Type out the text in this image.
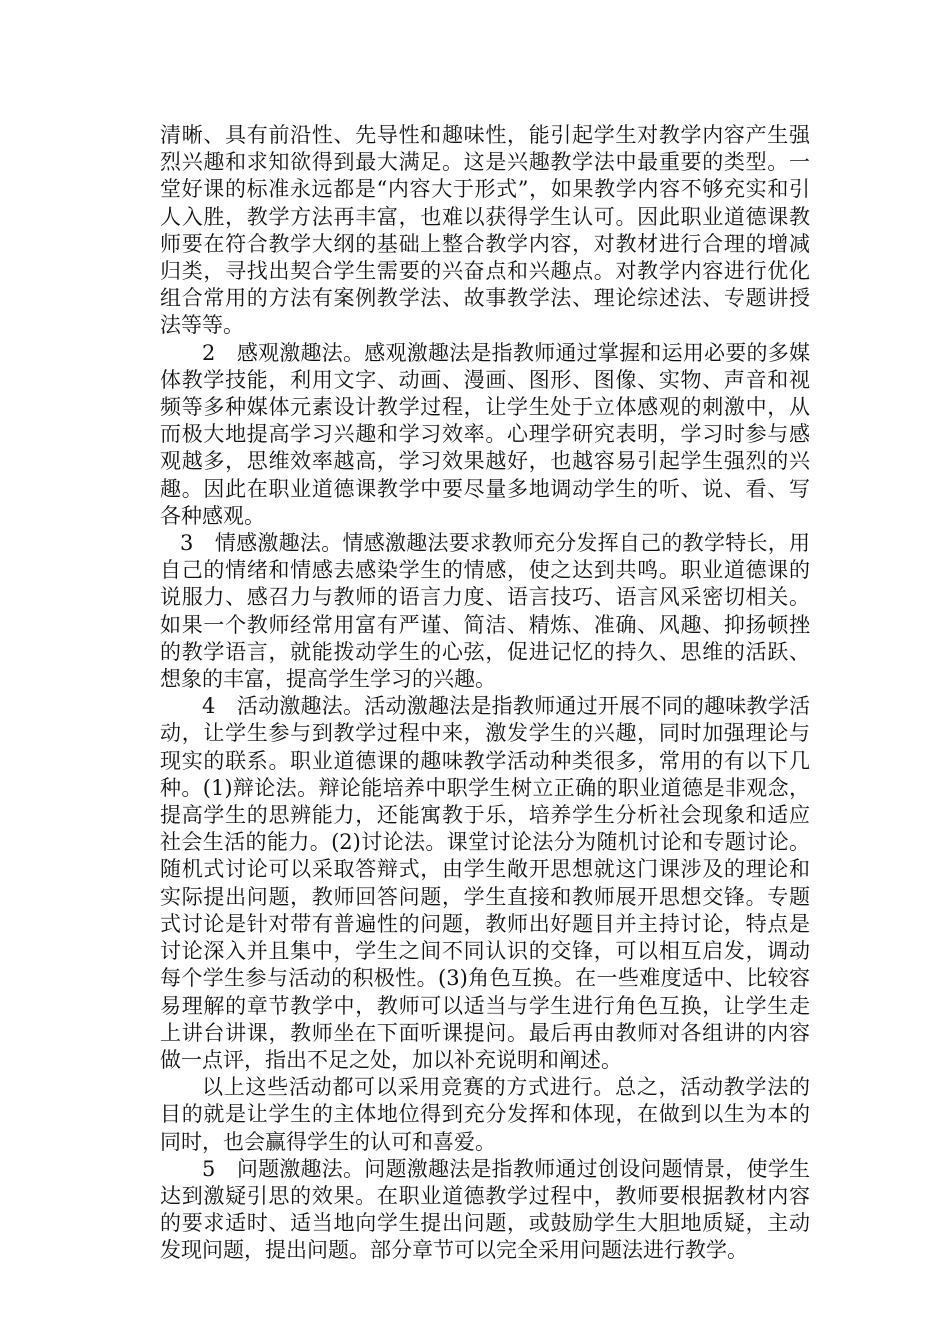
清晰、具有前沿性、先导性和趣味性，能引起学生对教学内容产生强烈兴趣和求知欲得到最大满足。这是兴趣教学法中最重要的类型。一堂好课的标准永远都是“内容大于形式”，如果教学内容不够充实和引人入胜，教学方法再丰富，也难以获得学生认可。因此职业道德课教师要在符合教学大纲的基础上整合教学内容，对教材进行合理的增减归类，寻找出契合学生需要的兴奋点和兴趣点。对教学内容进行优化组合常用的方法有案例教学法、故事教学法、理论综述法、专题讲授法等等。

2　感观激趣法。感观激趣法是指教师通过掌握和运用必要的多媒体教学技能，利用文字、动画、漫画、图形、图像、实物、声音和视频等多种媒体元素设计教学过程，让学生处于立体感观的刺激中，从而极大地提高学习兴趣和学习效率。心理学研究表明，学习时参与感观越多，思维效率越高，学习效果越好，也越容易引起学生强烈的兴趣。因此在职业道德课教学中要尽量多地调动学生的听、说、看、写各种感观。

3　情感激趣法。情感激趣法要求教师充分发挥自己的教学特长，用自己的情绪和情感去感染学生的情感，使之达到共鸣。职业道德课的说服力、感召力与教师的语言力度、语言技巧、语言风采密切相关。如果一个教师经常用富有严谨、简洁、精炼、准确、风趣、抑扬顿挫的教学语言，就能拨动学生的心弦，促进记忆的持久、思维的活跃、想象的丰富，提高学生学习的兴趣。

4　活动激趣法。活动激趣法是指教师通过开展不同的趣味教学活动，让学生参与到教学过程中来，激发学生的兴趣，同时加强理论与现实的联系。职业道德课的趣味教学活动种类很多，常用的有以下几种。(1)辩论法。辩论能培养中职学生树立正确的职业道德是非观念，提高学生的思辨能力，还能寓教于乐，培养学生分析社会现象和适应社会生活的能力。(2)讨论法。课堂讨论法分为随机讨论和专题讨论。随机式讨论可以采取答辩式，由学生敞开思想就这门课涉及的理论和实际提出问题，教师回答问题，学生直接和教师展开思想交锋。专题式讨论是针对带有普遍性的问题，教师出好题目并主持讨论，特点是讨论深入并且集中，学生之间不同认识的交锋，可以相互启发，调动每个学生参与活动的积极性。(3)角色互换。在一些难度适中、比较容易理解的章节教学中，教师可以适当与学生进行角色互换，让学生走上讲台讲课，教师坐在下面听课提问。最后再由教师对各组讲的内容做一点评，指出不足之处，加以补充说明和阐述。

以上这些活动都可以采用竞赛的方式进行。总之，活动教学法的目的就是让学生的主体地位得到充分发挥和体现，在做到以生为本的同时，也会赢得学生的认可和喜爱。

5　问题激趣法。问题激趣法是指教师通过创设问题情景，使学生达到激疑引思的效果。在职业道德教学过程中，教师要根据教材内容的要求适时、适当地向学生提出问题，或鼓励学生大胆地质疑，主动发现问题，提出问题。部分章节可以完全采用问题法进行教学。
